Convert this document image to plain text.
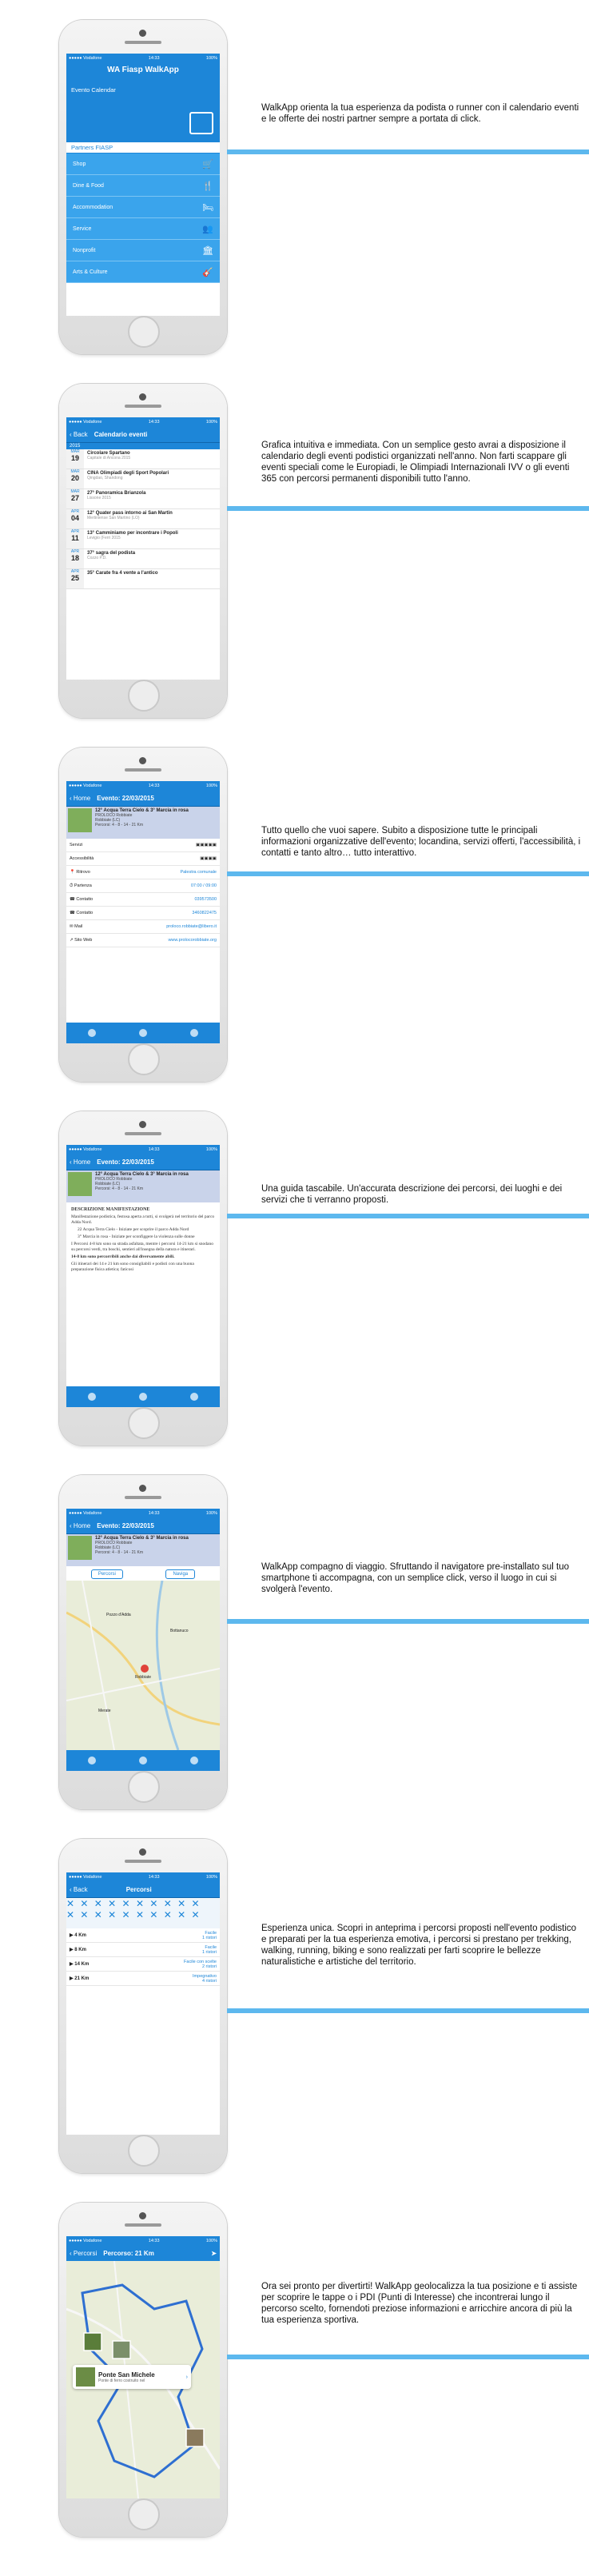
●●●●● Vodafone	14:33	100%
WA Fiasp WalkApp
Evento Calendar
Partners FIASP
Shop	🛒
Dine & Food	🍴
Accommodation	🛏
Service	👥
Nonprofit	🏛
Arts & Culture	🎸
WalkApp orienta la tua esperienza da podista o runner con il calendario eventi e le offerte dei nostri partner sempre a portata di click.
●●●●● Vodafone	14:33	100%
‹ Back Calendario eventi
2015
MAR
19
Circolare Spartano
Capitale di Ancona 2015
MAR
20
CINA Olimpiadi degli Sport Popolari
Qingdao, Shandong
MAR
27
27° Panoramica Brianzola
Lissone 2015
APR
04
12° Quater pass intorno ai San Martin
Mertiniense San Martino (LO)
APR
11
13° Camminiamo per incontrare i Popoli
Levigio (Ferri 2015
APR
18
37° sagra del podista
Cozzo P.D.
APR
25
35° Carate fra 4 vente a l'antico
Grafica intuitiva e immediata. Con un semplice gesto avrai a disposizione il calendario degli eventi podistici organizzati nell'anno. Non farti scappare gli eventi speciali come le Europiadi, le Olimpiadi Internazionali IVV o gli eventi 365 con percorsi permanenti disponibili tutto l'anno.
●●●●● Vodafone	14:33	100%
‹ Home Evento: 22/03/2015
12° Acqua Terra Cielo & 3° Marcia in rosa
PROLOCO Robbiate
Robbiate (LC)
Percorsi: 4 - 8 - 14 - 21 Km
Servizi	▣▣▣▣▣
Accessibilità	▣▣▣▣
📍 Ritrovo	Palestra comunale
⏱ Partenza	07:00 / 09:00
☎ Contatto	039573500
☎ Contatto	3460822475
✉ Mail	proloco.robbiate@libero.it
↗ Sito Web	www.prolocorobbiate.org
Tutto quello che vuoi sapere. Subito a disposizione tutte le principali informazioni organizzative dell'evento; locandina, servizi offerti, l'accessibilità, i contatti e tanto altro… tutto interattivo.
●●●●● Vodafone	14:33	100%
‹ Home Evento: 22/03/2015
12° Acqua Terra Cielo & 3° Marcia in rosa
PROLOCO Robbiate
Robbiate (LC)
Percorsi: 4 - 8 - 14 - 21 Km
DESCRIZIONE MANIFESTAZIONE

Manifestazione podistica, festosa aperta a tutti, si svolgerà nel territorio del parco Adda Nord.

22 Acqua Terra Cielo - Iniziate per scoprire il parco Adda Nord

3° Marcia in rosa - Iniziate per sconfiggere la violenza sulle donne

I Percorsi 4-8 km sono su strada asfaltata, mentre i percorsi 14-21 km si snodano su percorsi verdi, tra boschi, sentieri all'insegna della natura e itinerari.

14-8 km sono percorribili anche dai diversamente abili.

Gli itinerari dei 14 e 21 km sono consigliabili e podisti con una buona preparazione fisica atletica; faticosi

Una guida tascabile. Un'accurata descrizione dei percorsi, dei luoghi e dei servizi che ti verranno proposti.
●●●●● Vodafone	14:33	100%
‹ Home Evento: 22/03/2015
12° Acqua Terra Cielo & 3° Marcia in rosa
PROLOCO Robbiate
Robbiate (LC)
Percorsi: 4 - 8 - 14 - 21 Km
Percorsi	Naviga
Pozzo d'Adda
Bottanuco
Robbiate
Merate
WalkApp compagno di viaggio. Sfruttando il navigatore pre-installato sul tuo smartphone ti accompagna, con un semplice click, verso il luogo in cui si svolgerà l'evento.
●●●●● Vodafone	14:33	100%
‹ Back	Percorsi
✕ ✕ ✕ ✕ ✕ ✕ ✕ ✕ ✕ ✕
✕ ✕ ✕ ✕ ✕ ✕ ✕ ✕ ✕ ✕
▶ 4 Km
Facile
1 ristori
▶ 8 Km
Facile
1 ristori
▶ 14 Km
Facile con scelte
2 ristori
▶ 21 Km
Impegnativo
4 ristori
Esperienza unica. Scopri in anteprima i percorsi proposti nell'evento podistico e preparati per la tua esperienza emotiva, i percorsi si prestano per trekking, walking, running, biking e sono realizzati per farti scoprire le bellezze naturalistiche e artistiche del territorio.
●●●●● Vodafone	14:33	100%
‹ Percorsi Percorso: 21 Km	➤
Ponte San Michele
Ponte di ferro costruito nel
›
Ora sei pronto per divertirti! WalkApp geolocalizza la tua posizione e ti assiste per scoprire le tappe o i PDI (Punti di Interesse) che incontrerai lungo il percorso scelto, fornendoti preziose informazioni e arricchire ancora di più la tua esperienza sportiva.
